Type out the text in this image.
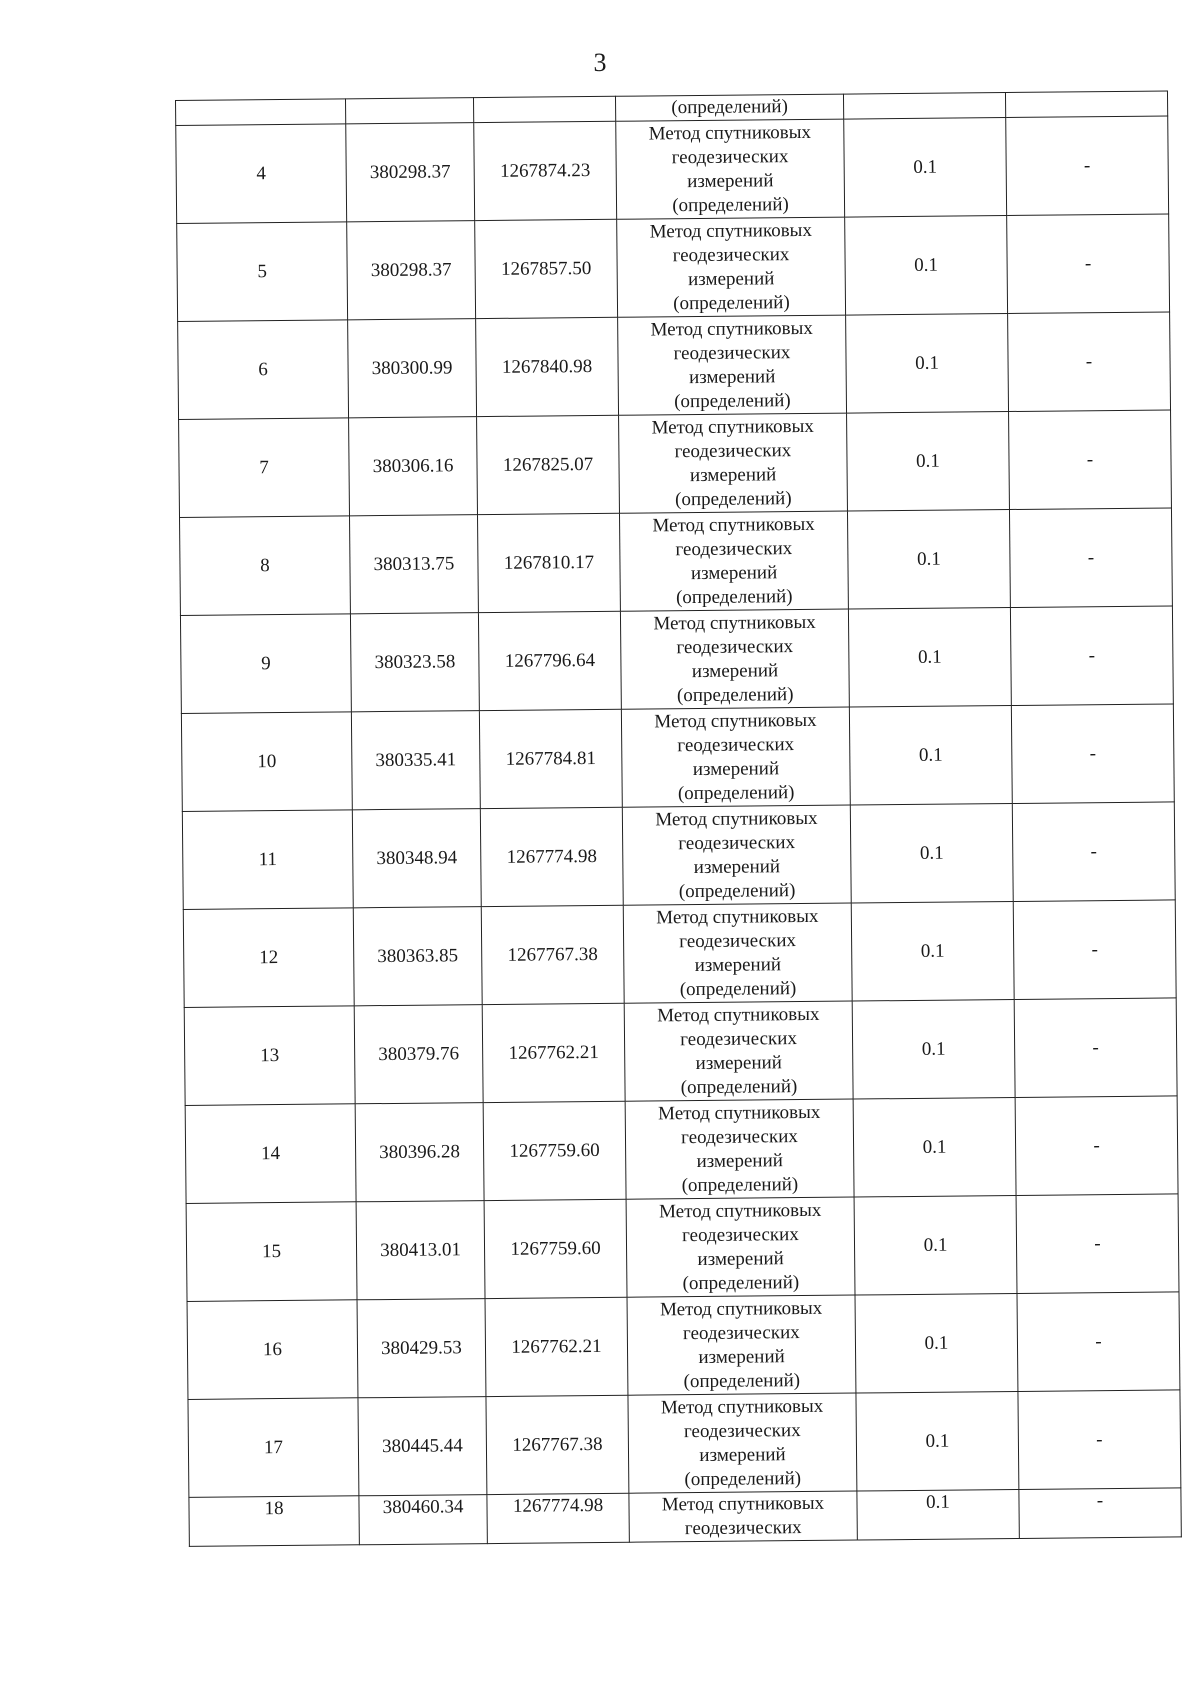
3
			(определений)		
4	380298.37	1267874.23	Метод спутниковых
геодезических
измерений
(определений)	0.1	-
5	380298.37	1267857.50	Метод спутниковых
геодезических
измерений
(определений)	0.1	-
6	380300.99	1267840.98	Метод спутниковых
геодезических
измерений
(определений)	0.1	-
7	380306.16	1267825.07	Метод спутниковых
геодезических
измерений
(определений)	0.1	-
8	380313.75	1267810.17	Метод спутниковых
геодезических
измерений
(определений)	0.1	-
9	380323.58	1267796.64	Метод спутниковых
геодезических
измерений
(определений)	0.1	-
10	380335.41	1267784.81	Метод спутниковых
геодезических
измерений
(определений)	0.1	-
11	380348.94	1267774.98	Метод спутниковых
геодезических
измерений
(определений)	0.1	-
12	380363.85	1267767.38	Метод спутниковых
геодезических
измерений
(определений)	0.1	-
13	380379.76	1267762.21	Метод спутниковых
геодезических
измерений
(определений)	0.1	-
14	380396.28	1267759.60	Метод спутниковых
геодезических
измерений
(определений)	0.1	-
15	380413.01	1267759.60	Метод спутниковых
геодезических
измерений
(определений)	0.1	-
16	380429.53	1267762.21	Метод спутниковых
геодезических
измерений
(определений)	0.1	-
17	380445.44	1267767.38	Метод спутниковых
геодезических
измерений
(определений)	0.1	-
18	380460.34	1267774.98	Метод спутниковых
геодезических	0.1	-
